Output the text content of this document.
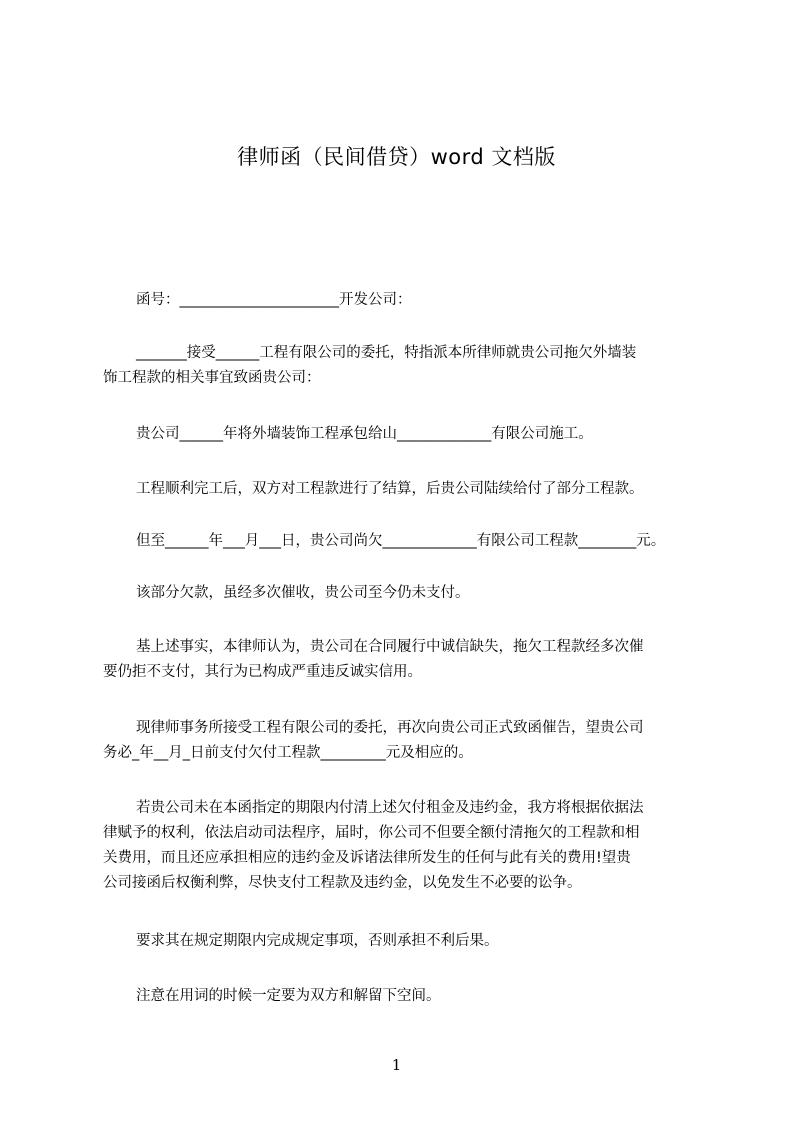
律师函（民间借贷）word 文档版
函号：______________________开发公司：
_______接受______工程有限公司的委托，特指派本所律师就贵公司拖欠外墙装
饰工程款的相关事宜致函贵公司：
贵公司______年将外墙装饰工程承包给山_____________有限公司施工。
工程顺利完工后，双方对工程款进行了结算，后贵公司陆续给付了部分工程款。
但至______年___月___日，贵公司尚欠_____________有限公司工程款________元。
该部分欠款，虽经多次催收，贵公司至今仍未支付。
基上述事实，本律师认为，贵公司在合同履行中诚信缺失，拖欠工程款经多次催
要仍拒不支付，其行为已构成严重违反诚实信用。
现律师事务所接受工程有限公司的委托，再次向贵公司正式致函催告，望贵公司
务必_年__月_日前支付欠付工程款_________元及相应的。
若贵公司未在本函指定的期限内付清上述欠付租金及违约金，我方将根据依据法
律赋予的权利，依法启动司法程序，届时，你公司不但要全额付清拖欠的工程款和相
关费用，而且还应承担相应的违约金及诉诸法律所发生的任何与此有关的费用!望贵
公司接函后权衡利弊，尽快支付工程款及违约金，以免发生不必要的讼争。
要求其在规定期限内完成规定事项，否则承担不利后果。
注意在用词的时候一定要为双方和解留下空间。
1
